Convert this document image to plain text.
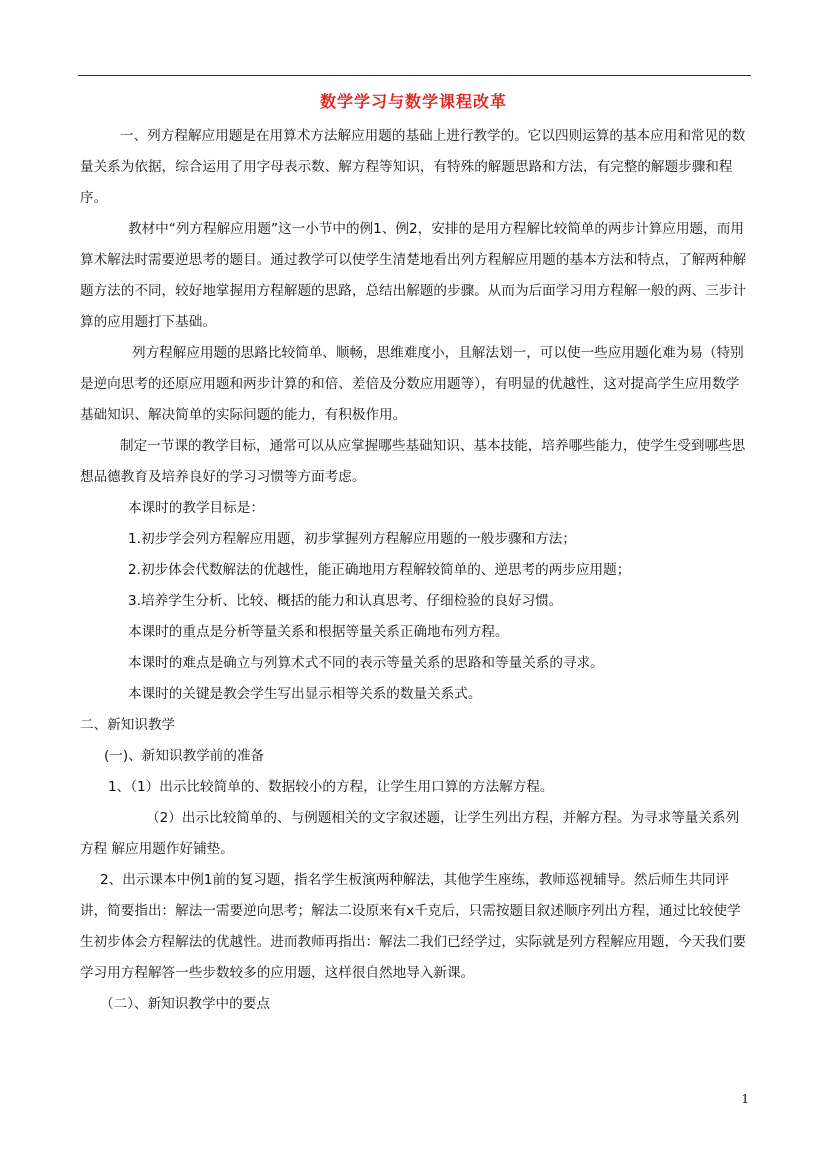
数学学习与数学课程改革

一、列方程解应用题是在用算术方法解应用题的基础上进行教学的。它以四则运算的基本应用和常见的数量关系为依据，综合运用了用字母表示数、解方程等知识，有特殊的解题思路和方法，有完整的解题步骤和程序。

教材中“列方程解应用题”这一小节中的例1、例2，安排的是用方程解比较简单的两步计算应用题，而用算术解法时需要逆思考的题目。通过教学可以使学生清楚地看出列方程解应用题的基本方法和特点，了解两种解题方法的不同，较好地掌握用方程解题的思路，总结出解题的步骤。从而为后面学习用方程解一般的两、三步计算的应用题打下基础。

列方程解应用题的思路比较简单、顺畅，思维难度小，且解法划一，可以使一些应用题化难为易（特别是逆向思考的还原应用题和两步计算的和倍、差倍及分数应用题等），有明显的优越性，这对提高学生应用数学基础知识、解决简单的实际问题的能力，有积极作用。

制定一节课的教学目标，通常可以从应掌握哪些基础知识、基本技能，培养哪些能力，使学生受到哪些思想品德教育及培养良好的学习习惯等方面考虑。

本课时的教学目标是：

1.初步学会列方程解应用题，初步掌握列方程解应用题的一般步骤和方法；

2.初步体会代数解法的优越性，能正确地用方程解较简单的、逆思考的两步应用题；

3.培养学生分析、比较、概括的能力和认真思考、仔细检验的良好习惯。

本课时的重点是分析等量关系和根据等量关系正确地布列方程。

本课时的难点是确立与列算术式不同的表示等量关系的思路和等量关系的寻求。

本课时的关键是教会学生写出显示相等关系的数量关系式。

二、新知识教学

(一)、新知识教学前的准备

1、（1）出示比较简单的、数据较小的方程，让学生用口算的方法解方程。

（2）出示比较简单的、与例题相关的文字叙述题，让学生列出方程，并解方程。为寻求等量关系列方程 解应用题作好铺垫。

2、出示课本中例1前的复习题，指名学生板演两种解法，其他学生座练，教师巡视辅导。然后师生共同评讲，简要指出：解法一需要逆向思考；解法二设原来有x千克后，只需按题目叙述顺序列出方程，通过比较使学生初步体会方程解法的优越性。进而教师再指出：解法二我们已经学过，实际就是列方程解应用题，今天我们要学习用方程解答一些步数较多的应用题，这样很自然地导入新课。

（二）、新知识教学中的要点

1
